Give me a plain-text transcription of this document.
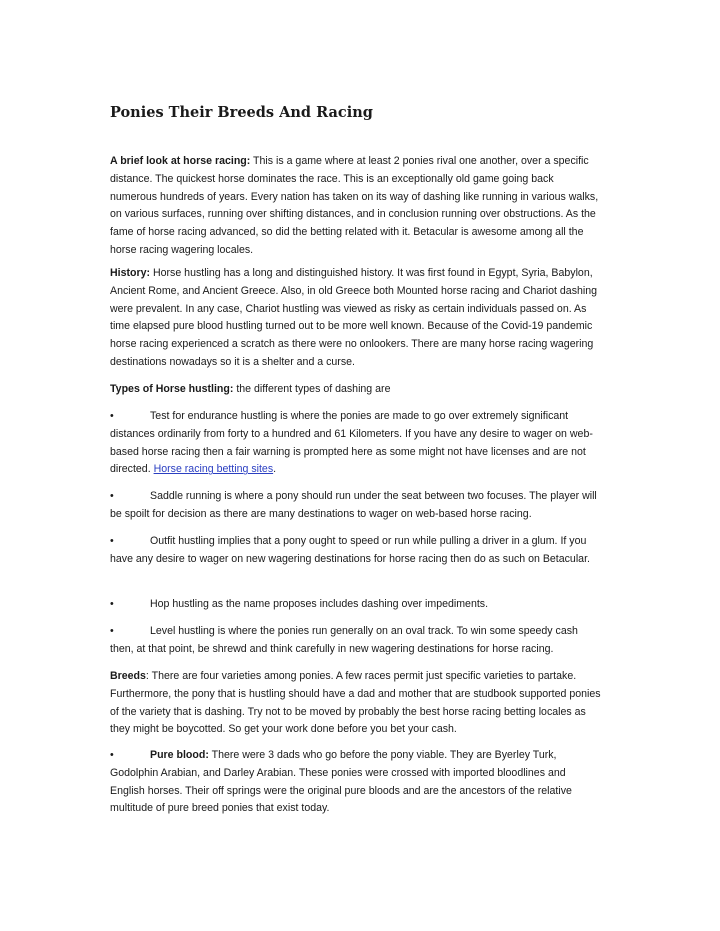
Ponies Their Breeds And Racing

A brief look at horse racing: This is a game where at least 2 ponies rival one another, over a specific distance. The quickest horse dominates the race. This is an exceptionally old game going back numerous hundreds of years. Every nation has taken on its way of dashing like running in various walks, on various surfaces, running over shifting distances, and in conclusion running over obstructions. As the fame of horse racing advanced, so did the betting related with it. Betacular is awesome among all the horse racing wagering locales.

History: Horse hustling has a long and distinguished history. It was first found in Egypt, Syria, Babylon, Ancient Rome, and Ancient Greece. Also, in old Greece both Mounted horse racing and Chariot dashing were prevalent. In any case, Chariot hustling was viewed as risky as certain individuals passed on. As time elapsed pure blood hustling turned out to be more well known. Because of the Covid-19 pandemic horse racing experienced a scratch as there were no onlookers. There are many horse racing wagering destinations nowadays so it is a shelter and a curse.

Types of Horse hustling: the different types of dashing are

•	Test for endurance hustling is where the ponies are made to go over extremely significant distances ordinarily from forty to a hundred and 61 Kilometers. If you have any desire to wager on web-based horse racing then a fair warning is prompted here as some might not have licenses and are not directed. Horse racing betting sites.

•	Saddle running is where a pony should run under the seat between two focuses. The player will be spoilt for decision as there are many destinations to wager on web-based horse racing.

•	Outfit hustling implies that a pony ought to speed or run while pulling a driver in a glum. If you have any desire to wager on new wagering destinations for horse racing then do as such on Betacular.

•	Hop hustling as the name proposes includes dashing over impediments.

•	Level hustling is where the ponies run generally on an oval track. To win some speedy cash then, at that point, be shrewd and think carefully in new wagering destinations for horse racing.

Breeds: There are four varieties among ponies. A few races permit just specific varieties to partake. Furthermore, the pony that is hustling should have a dad and mother that are studbook supported ponies of the variety that is dashing. Try not to be moved by probably the best horse racing betting locales as they might be boycotted. So get your work done before you bet your cash.

•	Pure blood: There were 3 dads who go before the pony viable. They are Byerley Turk, Godolphin Arabian, and Darley Arabian. These ponies were crossed with imported bloodlines and English horses. Their off springs were the original pure bloods and are the ancestors of the relative multitude of pure breed ponies that exist today.
